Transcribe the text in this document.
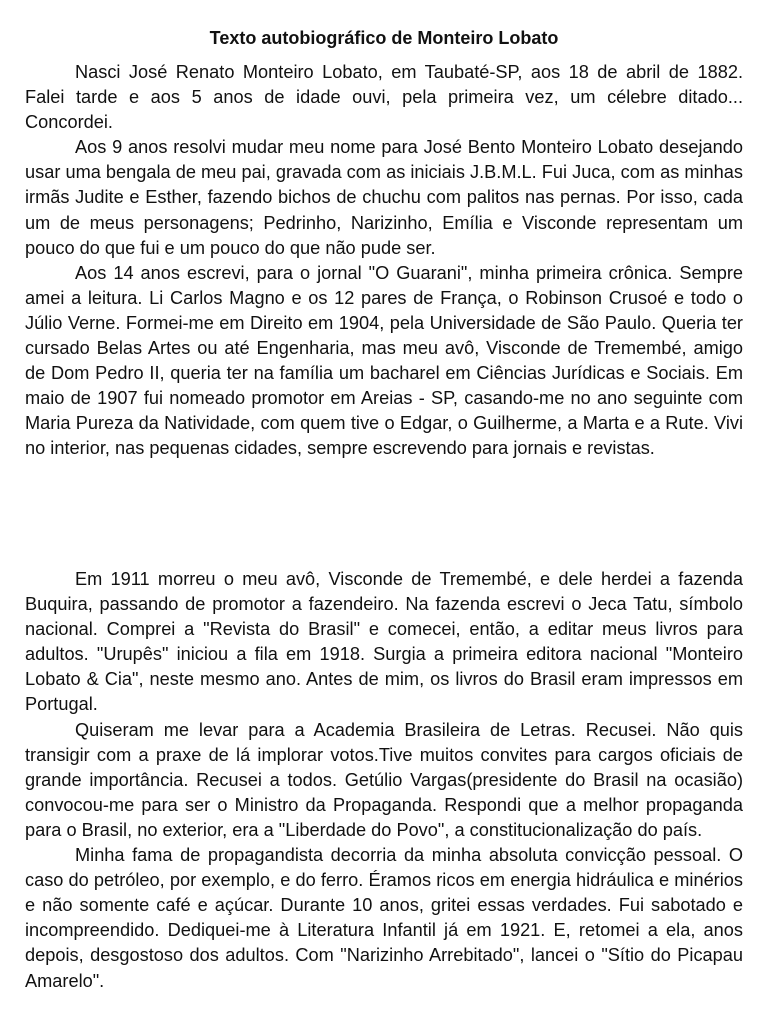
Texto autobiográfico de Monteiro Lobato

Nasci José Renato Monteiro Lobato, em Taubaté-SP, aos 18 de abril de 1882. Falei tarde e aos 5 anos de idade ouvi, pela primeira vez, um célebre ditado... Concordei.

Aos 9 anos resolvi mudar meu nome para José Bento Monteiro Lobato desejando usar uma bengala de meu pai, gravada com as iniciais J.B.M.L. Fui Juca, com as minhas irmãs Judite e Esther, fazendo bichos de chuchu com palitos nas pernas. Por isso, cada um de meus personagens; Pedrinho, Narizinho, Emília e Visconde representam um pouco do que fui e um pouco do que não pude ser.

Aos 14 anos escrevi, para o jornal "O Guarani", minha primeira crônica. Sempre amei a leitura. Li Carlos Magno e os 12 pares de França, o Robinson Crusoé e todo o Júlio Verne. Formei-me em Direito em 1904, pela Universidade de São Paulo. Queria ter cursado Belas Artes ou até Engenharia, mas meu avô, Visconde de Tremembé, amigo de Dom Pedro II, queria ter na família um bacharel em Ciências Jurídicas e Sociais. Em maio de 1907 fui nomeado promotor em Areias - SP, casando-me no ano seguinte com Maria Pureza da Natividade, com quem tive o Edgar, o Guilherme, a Marta e a Rute. Vivi no interior, nas pequenas cidades, sempre escrevendo para jornais e revistas.

Em 1911 morreu o meu avô, Visconde de Tremembé, e dele herdei a fazenda Buquira, passando de promotor a fazendeiro. Na fazenda escrevi o Jeca Tatu, símbolo nacional. Comprei a "Revista do Brasil" e comecei, então, a editar meus livros para adultos. "Urupês" iniciou a fila em 1918. Surgia a primeira editora nacional "Monteiro Lobato & Cia", neste mesmo ano. Antes de mim, os livros do Brasil eram impressos em Portugal.

Quiseram me levar para a Academia Brasileira de Letras. Recusei. Não quis transigir com a praxe de lá implorar votos.Tive muitos convites para cargos oficiais de grande importância. Recusei a todos. Getúlio Vargas(presidente do Brasil na ocasião) convocou-me para ser o Ministro da Propaganda. Respondi que a melhor propaganda para o Brasil, no exterior, era a "Liberdade do Povo", a constitucionalização do país.

Minha fama de propagandista decorria da minha absoluta convicção pessoal. O caso do petróleo, por exemplo, e do ferro. Éramos ricos em energia hidráulica e minérios e não somente café e açúcar. Durante 10 anos, gritei essas verdades. Fui sabotado e incompreendido. Dediquei-me à Literatura Infantil já em 1921. E, retomei a ela, anos depois, desgostoso dos adultos. Com "Narizinho Arrebitado", lancei o "Sítio do Picapau Amarelo".
